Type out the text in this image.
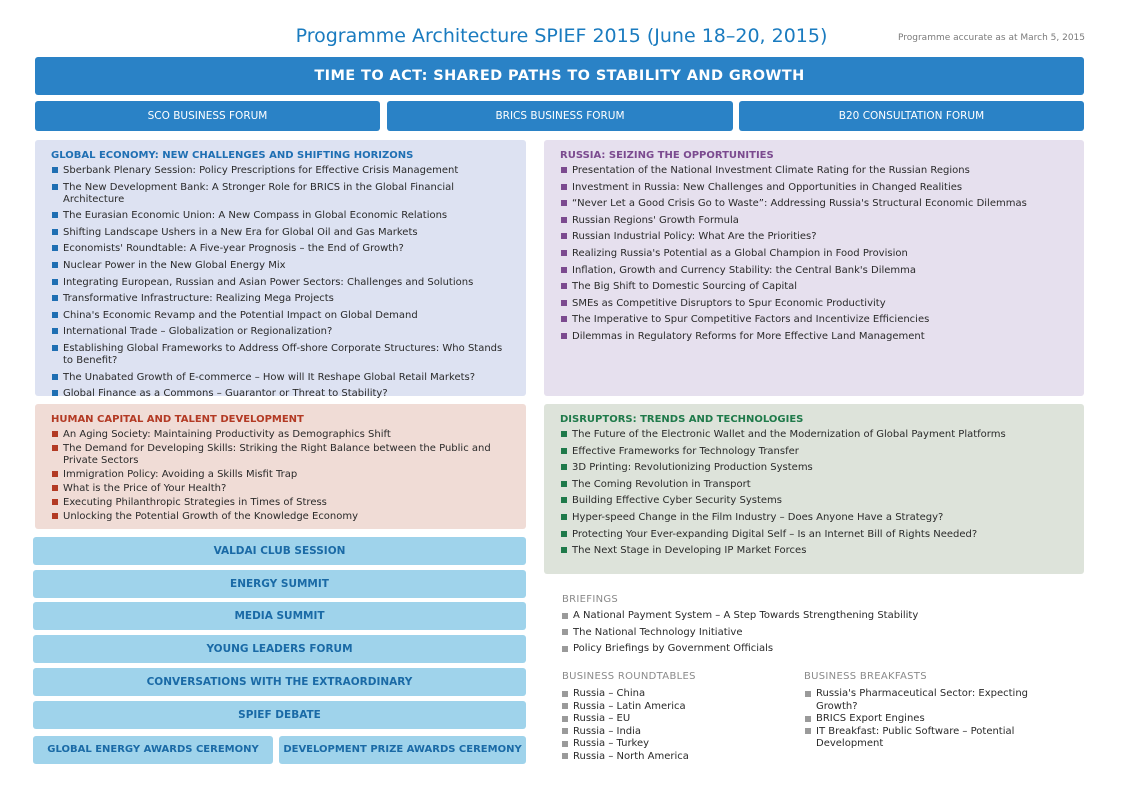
Programme Architecture SPIEF 2015 (June 18–20, 2015)	Programme accurate as at March 5, 2015
TIME TO ACT: SHARED PATHS TO STABILITY AND GROWTH
SCO BUSINESS FORUM	BRICS BUSINESS FORUM	B20 CONSULTATION FORUM
GLOBAL ECONOMY: NEW CHALLENGES AND SHIFTING HORIZONS
Sberbank Plenary Session: Policy Prescriptions for Effective Crisis Management
The New Development Bank: A Stronger Role for BRICS in the Global Financial Architecture
The Eurasian Economic Union: A New Compass in Global Economic Relations
Shifting Landscape Ushers in a New Era for Global Oil and Gas Markets
Economists' Roundtable: A Five-year Prognosis – the End of Growth?
Nuclear Power in the New Global Energy Mix
Integrating European, Russian and Asian Power Sectors: Challenges and Solutions
Transformative Infrastructure: Realizing Mega Projects
China's Economic Revamp and the Potential Impact on Global Demand
International Trade – Globalization or Regionalization?
Establishing Global Frameworks to Address Off-shore Corporate Structures: Who Stands to Benefit?
The Unabated Growth of E-commerce – How will It Reshape Global Retail Markets?
Global Finance as a Commons – Guarantor or Threat to Stability?
RUSSIA: SEIZING THE OPPORTUNITIES
Presentation of the National Investment Climate Rating for the Russian Regions
Investment in Russia: New Challenges and Opportunities in Changed Realities
“Never Let a Good Crisis Go to Waste”: Addressing Russia's Structural Economic Dilemmas
Russian Regions' Growth Formula
Russian Industrial Policy: What Are the Priorities?
Realizing Russia's Potential as a Global Champion in Food Provision
Inflation, Growth and Currency Stability: the Central Bank's Dilemma
The Big Shift to Domestic Sourcing of Capital
SMEs as Competitive Disruptors to Spur Economic Productivity
The Imperative to Spur Competitive Factors and Incentivize Efficiencies
Dilemmas in Regulatory Reforms for More Effective Land Management
HUMAN CAPITAL AND TALENT DEVELOPMENT
An Aging Society: Maintaining Productivity as Demographics Shift
The Demand for Developing Skills: Striking the Right Balance between the Public and Private Sectors
Immigration Policy: Avoiding a Skills Misfit Trap
What is the Price of Your Health?
Executing Philanthropic Strategies in Times of Stress
Unlocking the Potential Growth of the Knowledge Economy
DISRUPTORS: TRENDS AND TECHNOLOGIES
The Future of the Electronic Wallet and the Modernization of Global Payment Platforms
Effective Frameworks for Technology Transfer
3D Printing: Revolutionizing Production Systems
The Coming Revolution in Transport
Building Effective Cyber Security Systems
Hyper-speed Change in the Film Industry – Does Anyone Have a Strategy?
Protecting Your Ever-expanding Digital Self – Is an Internet Bill of Rights Needed?
The Next Stage in Developing IP Market Forces
VALDAI CLUB SESSION
ENERGY SUMMIT
MEDIA SUMMIT
YOUNG LEADERS FORUM
CONVERSATIONS WITH THE EXTRAORDINARY
SPIEF DEBATE
GLOBAL ENERGY AWARDS CEREMONY	DEVELOPMENT PRIZE AWARDS CEREMONY
BRIEFINGS
A National Payment System – A Step Towards Strengthening Stability
The National Technology Initiative
Policy Briefings by Government Officials
BUSINESS ROUNDTABLES
Russia – China
Russia – Latin America
Russia – EU
Russia – India
Russia – Turkey
Russia – North America
BUSINESS BREAKFASTS
Russia's Pharmaceutical Sector: Expecting Growth?
BRICS Export Engines
IT Breakfast: Public Software – Potential Development
